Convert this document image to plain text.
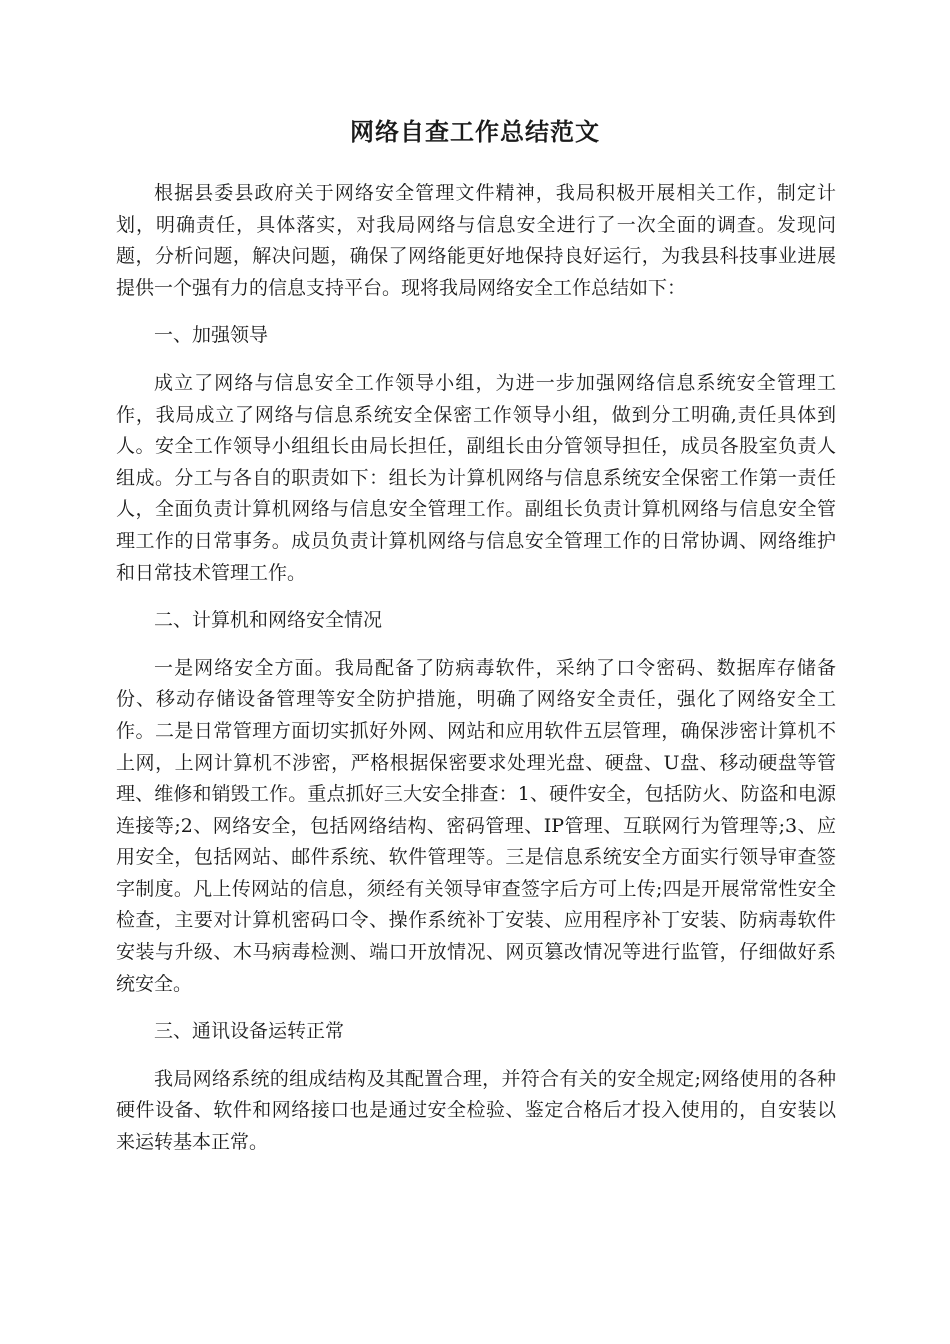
网络自查工作总结范文

根据县委县政府关于网络安全管理文件精神，我局积极开展相关工作，制定计划，明确责任，具体落实，对我局网络与信息安全进行了一次全面的调查。发现问题，分析问题，解决问题，确保了网络能更好地保持良好运行，为我县科技事业进展提供一个强有力的信息支持平台。现将我局网络安全工作总结如下：

一、加强领导

成立了网络与信息安全工作领导小组，为进一步加强网络信息系统安全管理工作，我局成立了网络与信息系统安全保密工作领导小组，做到分工明确,责任具体到人。安全工作领导小组组长由局长担任，副组长由分管领导担任，成员各股室负责人组成。分工与各自的职责如下：组长为计算机网络与信息系统安全保密工作第一责任人，全面负责计算机网络与信息安全管理工作。副组长负责计算机网络与信息安全管理工作的日常事务。成员负责计算机网络与信息安全管理工作的日常协调、网络维护和日常技术管理工作。

二、计算机和网络安全情况

一是网络安全方面。我局配备了防病毒软件，采纳了口令密码、数据库存储备份、移动存储设备管理等安全防护措施，明确了网络安全责任，强化了网络安全工作。二是日常管理方面切实抓好外网、网站和应用软件五层管理，确保涉密计算机不上网，上网计算机不涉密，严格根据保密要求处理光盘、硬盘、U盘、移动硬盘等管理、维修和销毁工作。重点抓好三大安全排查：1、硬件安全，包括防火、防盗和电源连接等;2、网络安全，包括网络结构、密码管理、IP管理、互联网行为管理等;3、应用安全，包括网站、邮件系统、软件管理等。三是信息系统安全方面实行领导审查签字制度。凡上传网站的信息，须经有关领导审查签字后方可上传;四是开展常常性安全检查，主要对计算机密码口令、操作系统补丁安装、应用程序补丁安装、防病毒软件安装与升级、木马病毒检测、端口开放情况、网页篡改情况等进行监管，仔细做好系统安全。

三、通讯设备运转正常

我局网络系统的组成结构及其配置合理，并符合有关的安全规定;网络使用的各种硬件设备、软件和网络接口也是通过安全检验、鉴定合格后才投入使用的，自安装以来运转基本正常。
